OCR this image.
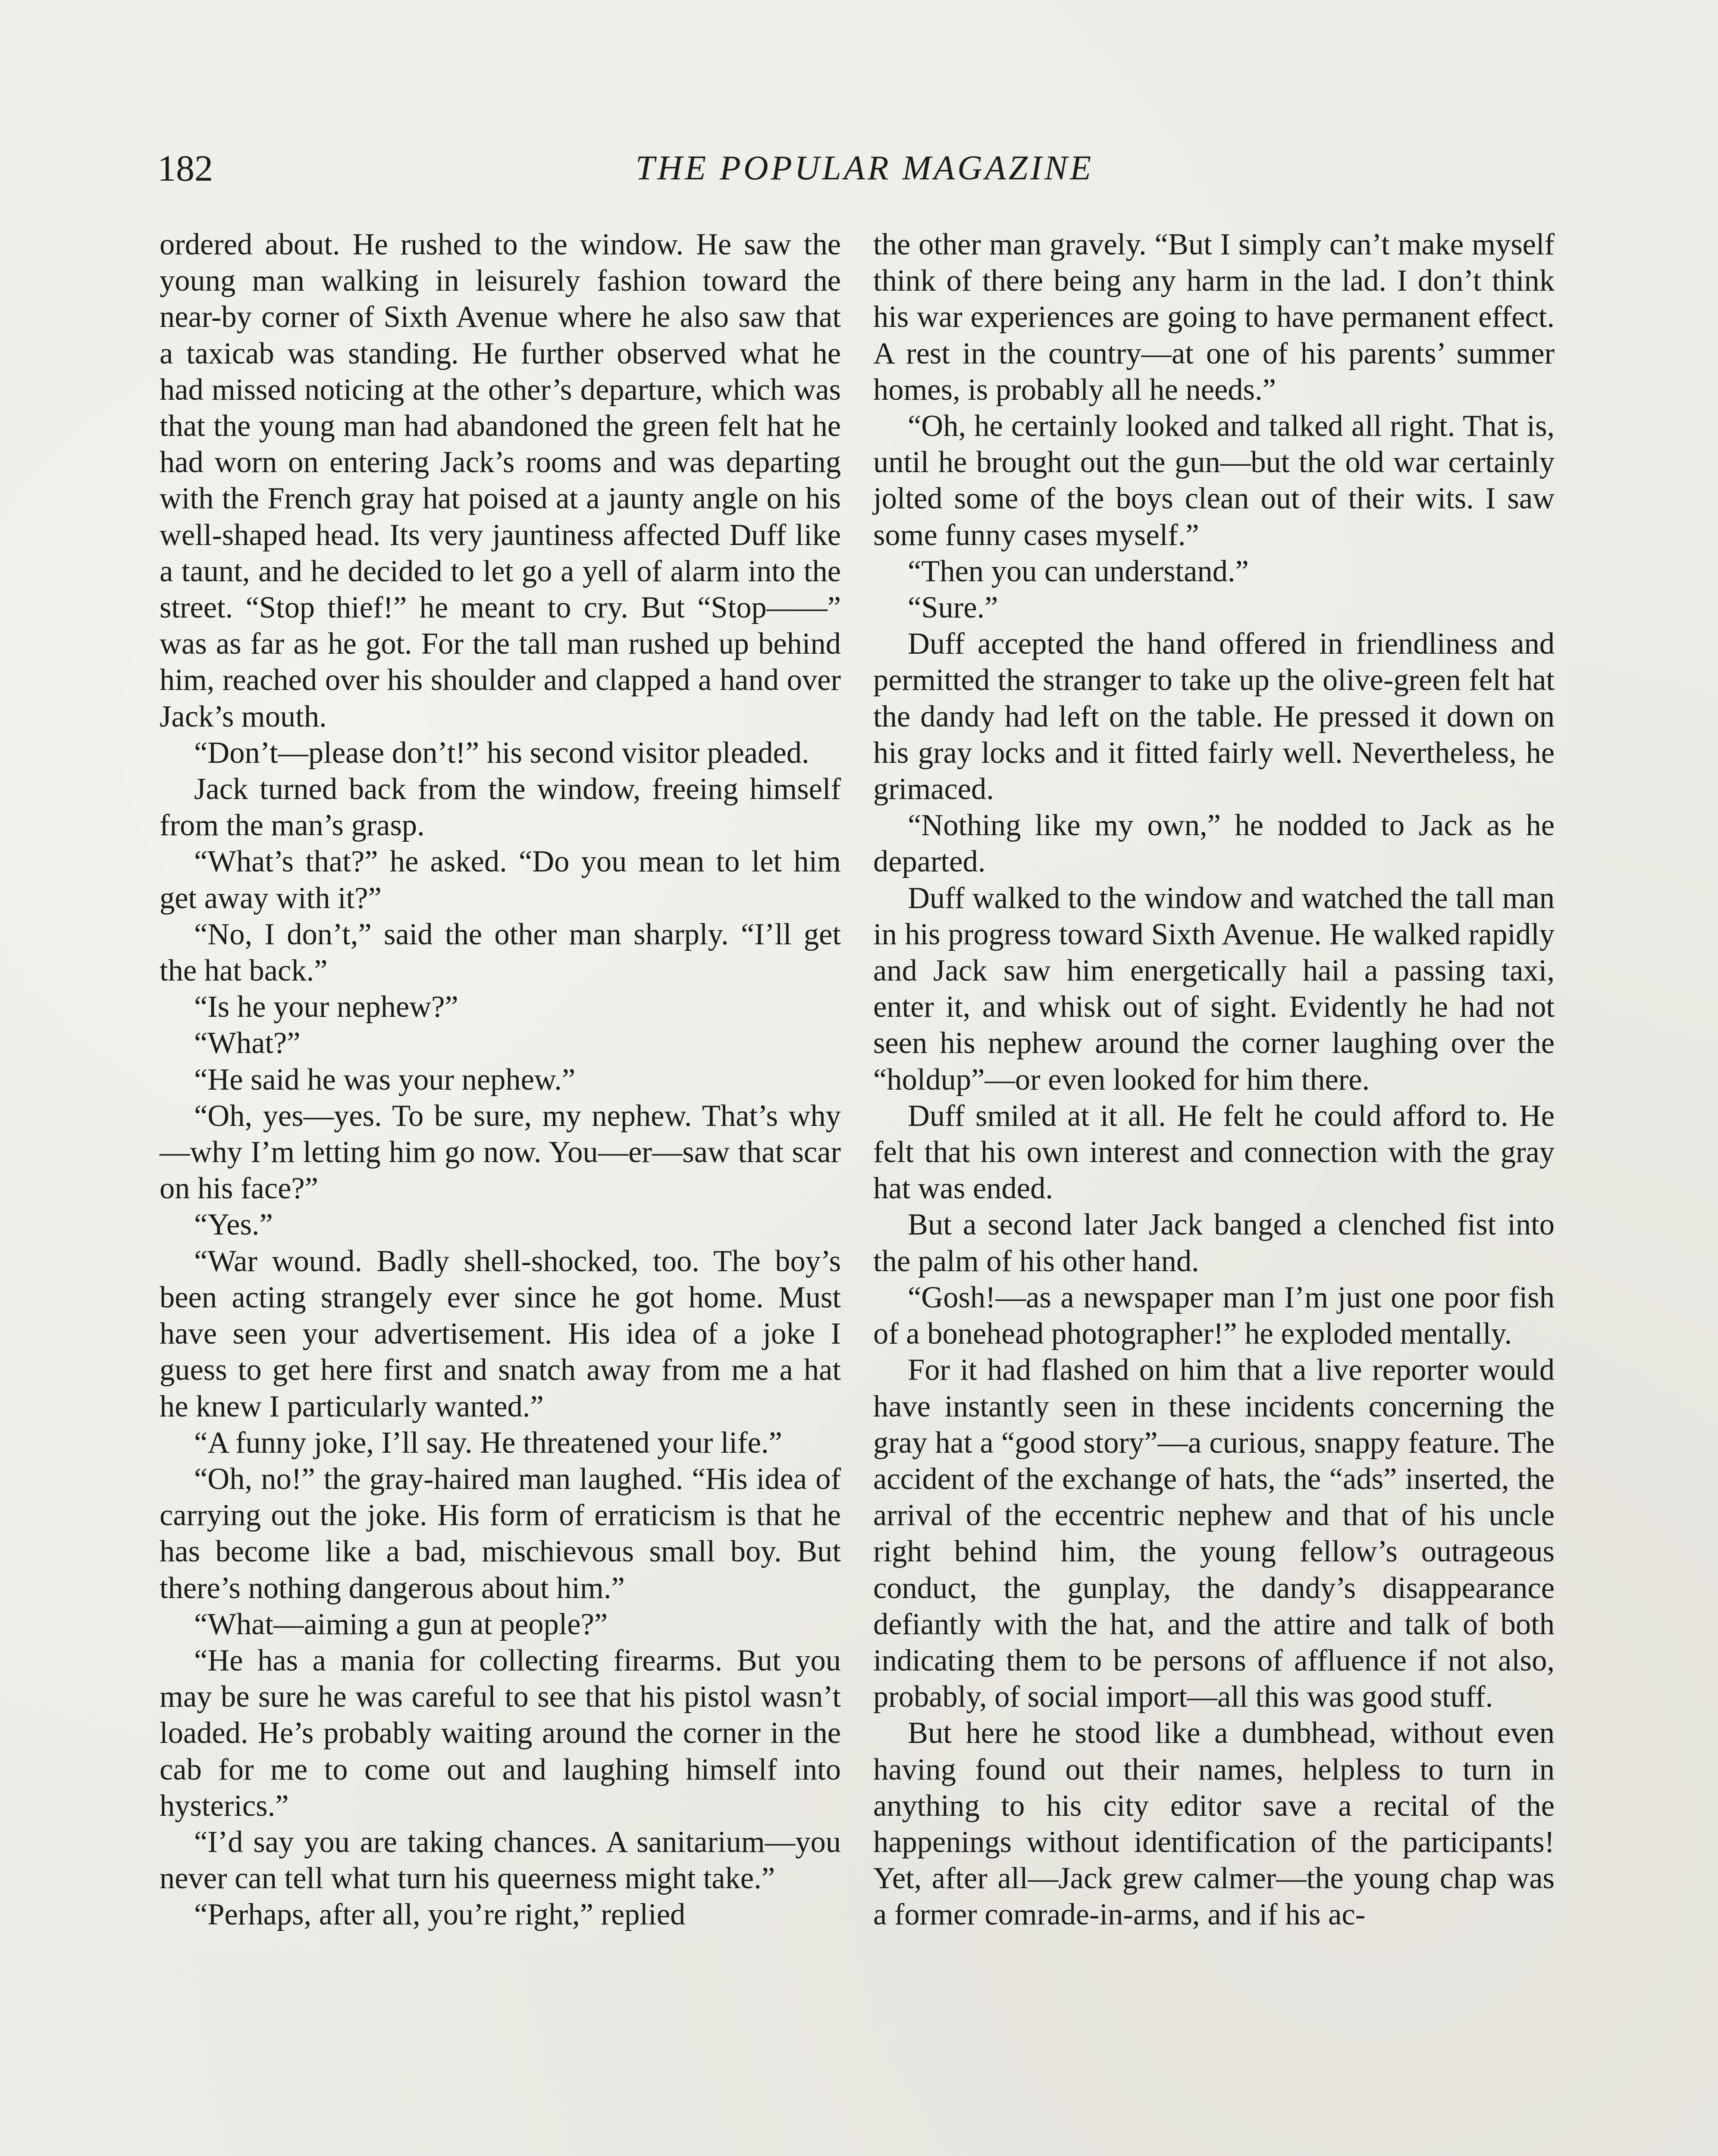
182	THE POPULAR MAGAZINE

ordered about. He rushed to the window. He saw the young man walking in leisurely fashion toward the near-by corner of Sixth Avenue where he also saw that a taxicab was standing. He further observed what he had missed noticing at the other’s departure, which was that the young man had abandoned the green felt hat he had worn on entering Jack’s rooms and was departing with the French gray hat poised at a jaunty angle on his well-shaped head. Its very jauntiness affected Duff like a taunt, and he decided to let go a yell of alarm into the street. “Stop thief!” he meant to cry. But “Stop——” was as far as he got. For the tall man rushed up behind him, reached over his shoulder and clapped a hand over Jack’s mouth.

“Don’t—please don’t!” his second visitor pleaded.

Jack turned back from the window, freeing himself from the man’s grasp.

“What’s that?” he asked. “Do you mean to let him get away with it?”

“No, I don’t,” said the other man sharply. “I’ll get the hat back.”

“Is he your nephew?”

“What?”

“He said he was your nephew.”

“Oh, yes—yes. To be sure, my nephew. That’s why—why I’m letting him go now. You—er—saw that scar on his face?”

“Yes.”

“War wound. Badly shell-shocked, too. The boy’s been acting strangely ever since he got home. Must have seen your advertisement. His idea of a joke I guess to get here first and snatch away from me a hat he knew I particularly wanted.”

“A funny joke, I’ll say. He threatened your life.”

“Oh, no!” the gray-haired man laughed. “His idea of carrying out the joke. His form of erraticism is that he has become like a bad, mischievous small boy. But there’s nothing dangerous about him.”

“What—aiming a gun at people?”

“He has a mania for collecting firearms. But you may be sure he was careful to see that his pistol wasn’t loaded. He’s probably waiting around the corner in the cab for me to come out and laughing himself into hysterics.”

“I’d say you are taking chances. A sanitarium—you never can tell what turn his queerness might take.”

“Perhaps, after all, you’re right,” replied

the other man gravely. “But I simply can’t make myself think of there being any harm in the lad. I don’t think his war experiences are going to have permanent effect. A rest in the country—at one of his parents’ summer homes, is probably all he needs.”

“Oh, he certainly looked and talked all right. That is, until he brought out the gun—but the old war certainly jolted some of the boys clean out of their wits. I saw some funny cases myself.”

“Then you can understand.”

“Sure.”

Duff accepted the hand offered in friendliness and permitted the stranger to take up the olive-green felt hat the dandy had left on the table. He pressed it down on his gray locks and it fitted fairly well. Nevertheless, he grimaced.

“Nothing like my own,” he nodded to Jack as he departed.

Duff walked to the window and watched the tall man in his progress toward Sixth Avenue. He walked rapidly and Jack saw him energetically hail a passing taxi, enter it, and whisk out of sight. Evidently he had not seen his nephew around the corner laughing over the “holdup”—or even looked for him there.

Duff smiled at it all. He felt he could afford to. He felt that his own interest and connection with the gray hat was ended.

But a second later Jack banged a clenched fist into the palm of his other hand.

“Gosh!—as a newspaper man I’m just one poor fish of a bonehead photographer!” he exploded mentally.

For it had flashed on him that a live reporter would have instantly seen in these incidents concerning the gray hat a “good story”—a curious, snappy feature. The accident of the exchange of hats, the “ads” inserted, the arrival of the eccentric nephew and that of his uncle right behind him, the young fellow’s outrageous conduct, the gunplay, the dandy’s disappearance defiantly with the hat, and the attire and talk of both indicating them to be persons of affluence if not also, probably, of social import—all this was good stuff.

But here he stood like a dumbhead, without even having found out their names, helpless to turn in anything to his city editor save a recital of the happenings without identification of the participants! Yet, after all—Jack grew calmer—the young chap was a former comrade-in-arms, and if his ac-
